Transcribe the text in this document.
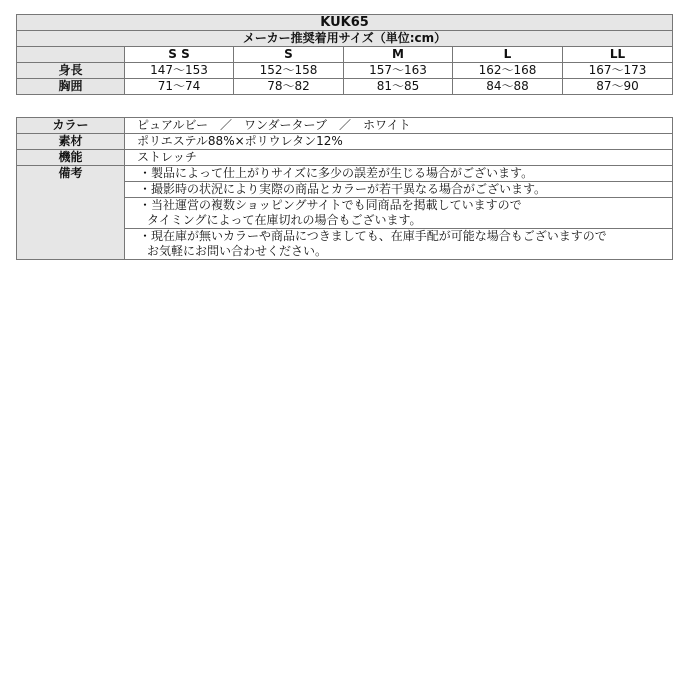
KUK65					
メーカー推奨着用サイズ（単位:cm）					
	S S	S	M	L	LL
身長	147〜153	152〜158	157〜163	162〜168	167〜173
胸囲	71〜74	78〜82	81〜85	84〜88	87〜90
カラー	ピュアルビー　／　ワンダーターブ　／　ホワイト
素材	ポリエステル88%×ポリウレタン12%
機能	ストレッチ
備考	・製品によって仕上がりサイズに多少の誤差が生じる場合がございます。

	・撮影時の状況により実際の商品とカラーが若干異なる場合がございます。

	・当社運営の複数ショッピングサイトでも同商品を掲載していますので
タイミングによって在庫切れの場合もございます。

	・現在庫が無いカラーや商品につきましても、在庫手配が可能な場合もございますので
お気軽にお問い合わせください。
